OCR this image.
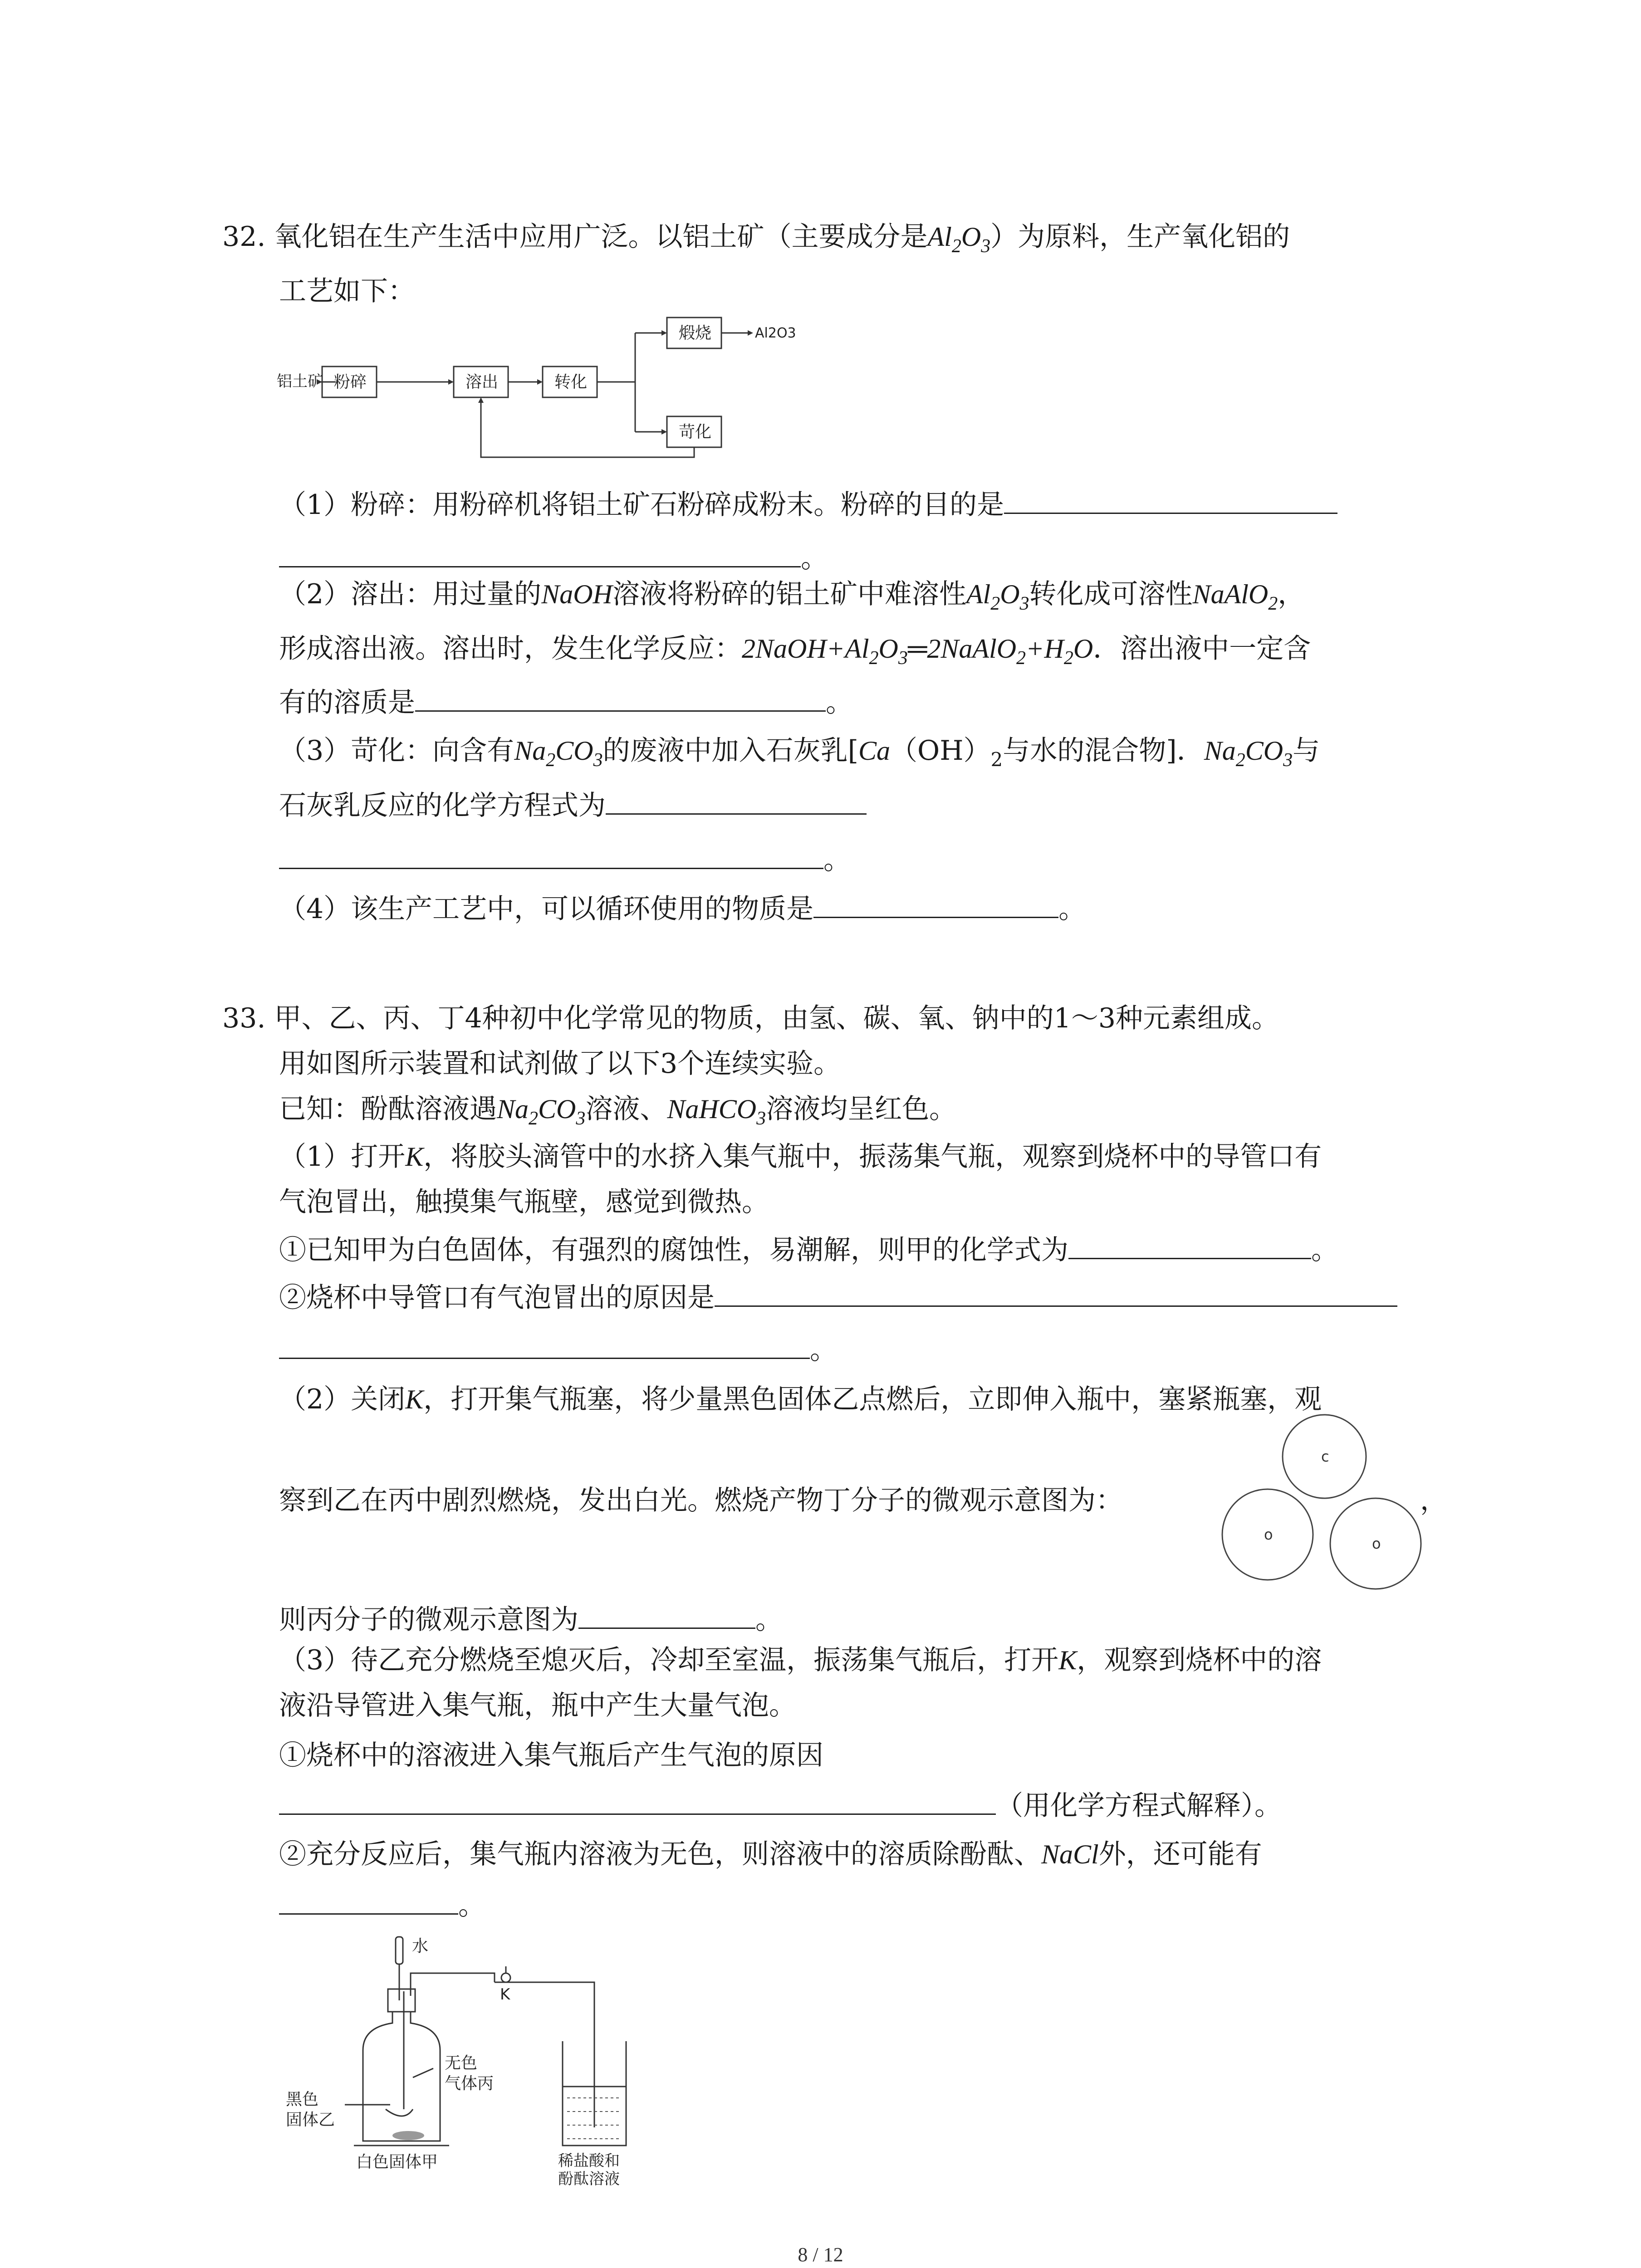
32. 氧化铝在生产生活中应用广泛。以铝土矿（主要成分是$Al_2O_3$）为原料，生产氧化铝的
工艺如下：
铝土矿 粉碎	溶出	转化
煅烧
苛化
Al2O3
（1）粉碎：用粉碎机将铝土矿石粉碎成粉末。粉碎的目的是
。
（2）溶出：用过量的NaOH溶液将粉碎的铝土矿中难溶性$Al_2O_3$转化成可溶性NaAlO$_2$，
形成溶出液。溶出时，发生化学反应：$2NaOH+Al_2O_3═2NaAlO_2+H_2O$．溶出液中一定含
有的溶质是	。
（3）苛化：向含有$Na_2CO_3$的废液中加入石灰乳[$Ca(OH)_2$与水的混合物]．$Na_2CO_3$与
石灰乳反应的化学方程式为
。
（4）该生产工艺中，可以循环使用的物质是	。
33. 甲、乙、丙、丁4种初中化学常见的物质，由氢、碳、氧、钠中的1～3种元素组成。
用如图所示装置和试剂做了以下3个连续实验。
已知：酚酞溶液遇$Na_2CO_3$溶液、NaHCO$_3$溶液均呈红色。
（1）打开K，将胶头滴管中的水挤入集气瓶中，振荡集气瓶，观察到烧杯中的导管口有
气泡冒出，触摸集气瓶壁，感觉到微热。
①已知甲为白色固体，有强烈的腐蚀性，易潮解，则甲的化学式为	。
②烧杯中导管口有气泡冒出的原因是
。
（2）关闭K，打开集气瓶塞，将少量黑色固体乙点燃后，立即伸入瓶中，塞紧瓶塞，观
察到乙在丙中剧烈燃烧，发出白光。燃烧产物丁分子的微观示意图为：
c
o
o
，
则丙分子的微观示意图为	。
（3）待乙充分燃烧至熄灭后，冷却至室温，振荡集气瓶后，打开K，观察到烧杯中的溶
液沿导管进入集气瓶，瓶中产生大量气泡。
①烧杯中的溶液进入集气瓶后产生气泡的原因
（用化学方程式解释）。
②充分反应后，集气瓶内溶液为无色，则溶液中的溶质除酚酞、NaCl外，还可能有
。
水
K
黑色
固体乙
无色
气体丙
白色固体甲	稀盐酸和
酚酞溶液
8 / 12
